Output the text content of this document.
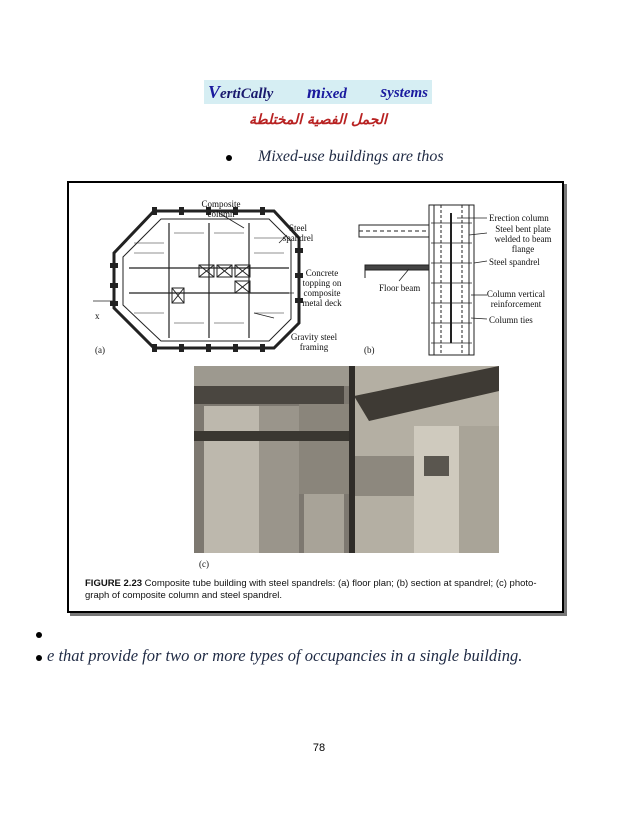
VertiCally mixed systems
الجمل الفصية المختلطة
Mixed-use buildings are thos
Composite column
Steel spandrel
Concrete topping on composite metal deck
Gravity steel framing
x
(a)
Erection column
Steel bent plate welded to beam flange
Steel spandrel
Floor beam
Column vertical reinforcement
Column ties
(b)
(c)
FIGURE 2.23 Composite tube building with steel spandrels: (a) floor plan; (b) section at spandrel; (c) photo-graph of composite column and steel spandrel.
e that provide for two or more types of occupancies in a single building.
78
